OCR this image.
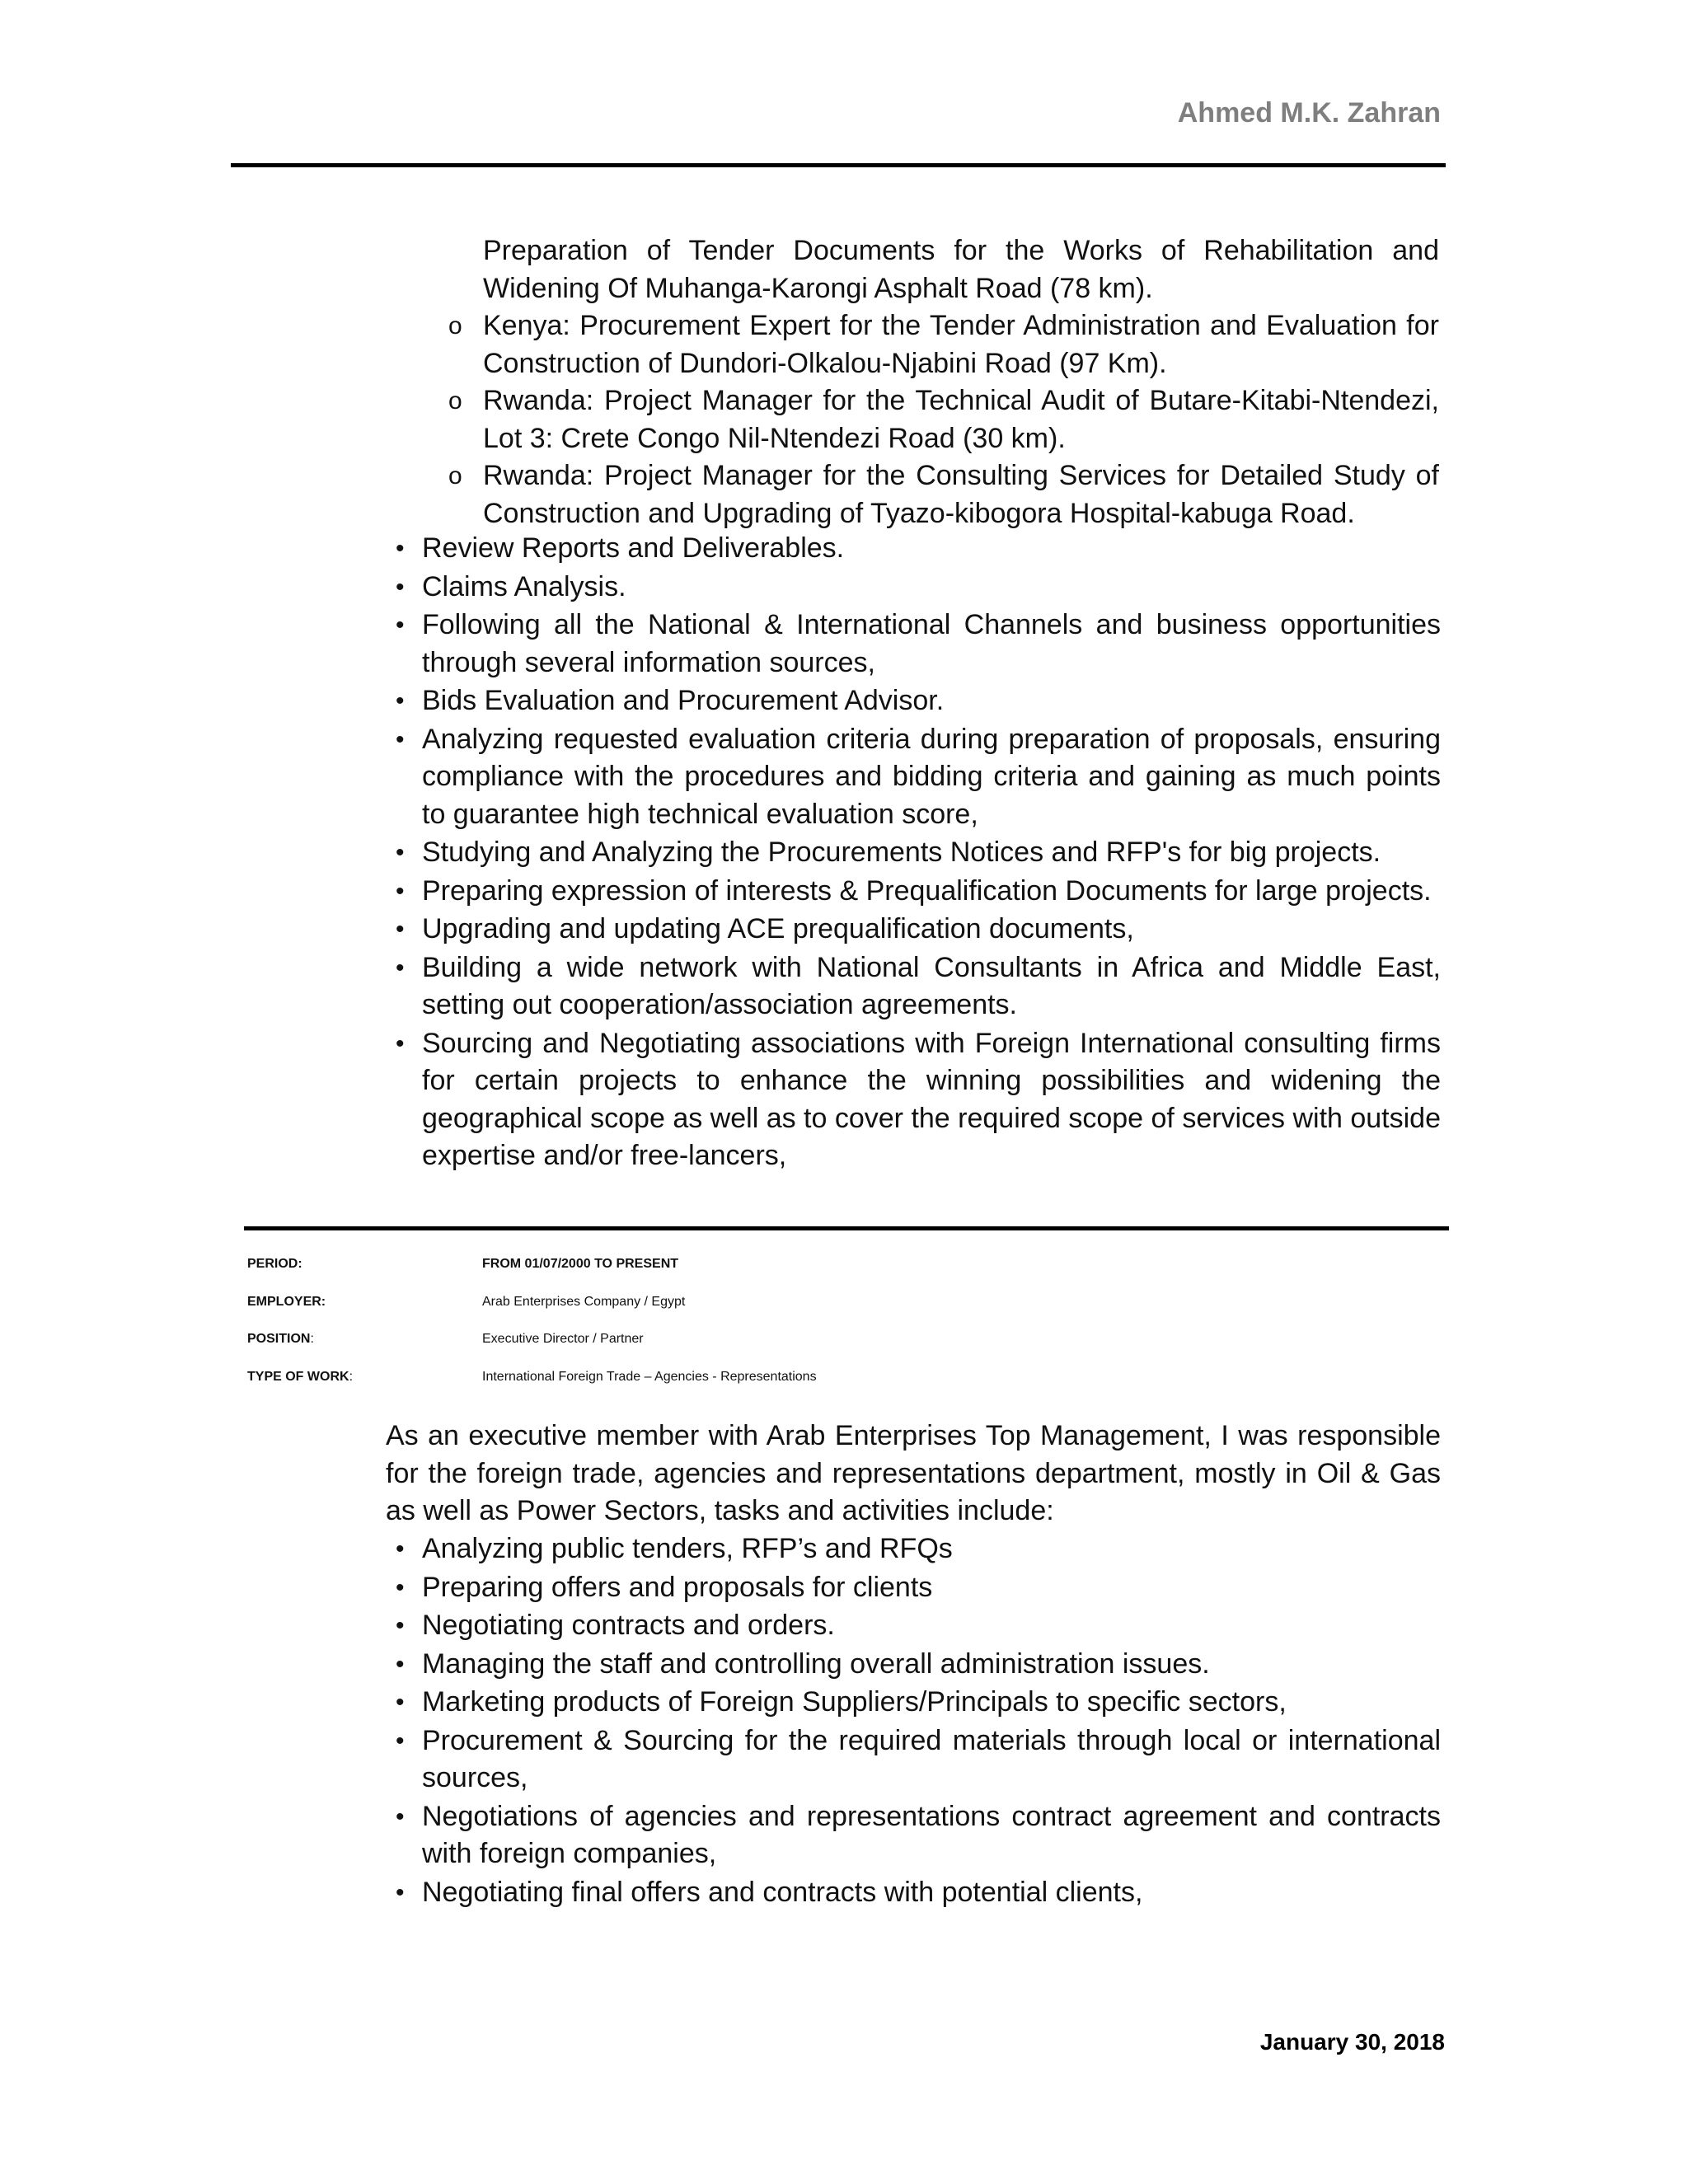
Ahmed M.K. Zahran
Preparation of Tender Documents for the Works of Rehabilitation and Widening Of Muhanga-Karongi Asphalt Road (78 km).
o Kenya: Procurement Expert for the Tender Administration and Evaluation for Construction of Dundori-Olkalou-Njabini Road (97 Km).
o Rwanda: Project Manager for the Technical Audit of Butare-Kitabi-Ntendezi, Lot 3: Crete Congo Nil-Ntendezi Road (30 km).
o Rwanda: Project Manager for the Consulting Services for Detailed Study of Construction and Upgrading of Tyazo-kibogora Hospital-kabuga Road.
• Review Reports and Deliverables.
• Claims Analysis.
• Following all the National & International Channels and business opportunities through several information sources,
• Bids Evaluation and Procurement Advisor.
• Analyzing requested evaluation criteria during preparation of proposals, ensuring compliance with the procedures and bidding criteria and gaining as much points to guarantee high technical evaluation score,
• Studying and Analyzing the Procurements Notices and RFP's for big projects.
• Preparing expression of interests & Prequalification Documents for large projects.
• Upgrading and updating ACE prequalification documents,
• Building a wide network with National Consultants in Africa and Middle East, setting out cooperation/association agreements.
• Sourcing and Negotiating associations with Foreign International consulting firms for certain projects to enhance the winning possibilities and widening the geographical scope as well as to cover the required scope of services with outside expertise and/or free-lancers,
PERIOD:	FROM 01/07/2000 TO PRESENT
EMPLOYER:	Arab Enterprises Company / Egypt
POSITION:	Executive Director / Partner
TYPE OF WORK:	International Foreign Trade – Agencies - Representations
As an executive member with Arab Enterprises Top Management, I was responsible for the foreign trade, agencies and representations department, mostly in Oil & Gas as well as Power Sectors, tasks and activities include:
• Analyzing public tenders, RFP’s and RFQs
• Preparing offers and proposals for clients
• Negotiating contracts and orders.
• Managing the staff and controlling overall administration issues.
• Marketing products of Foreign Suppliers/Principals to specific sectors,
• Procurement & Sourcing for the required materials through local or international sources,
• Negotiations of agencies and representations contract agreement and contracts with foreign companies,
• Negotiating final offers and contracts with potential clients,
January 30, 2018
